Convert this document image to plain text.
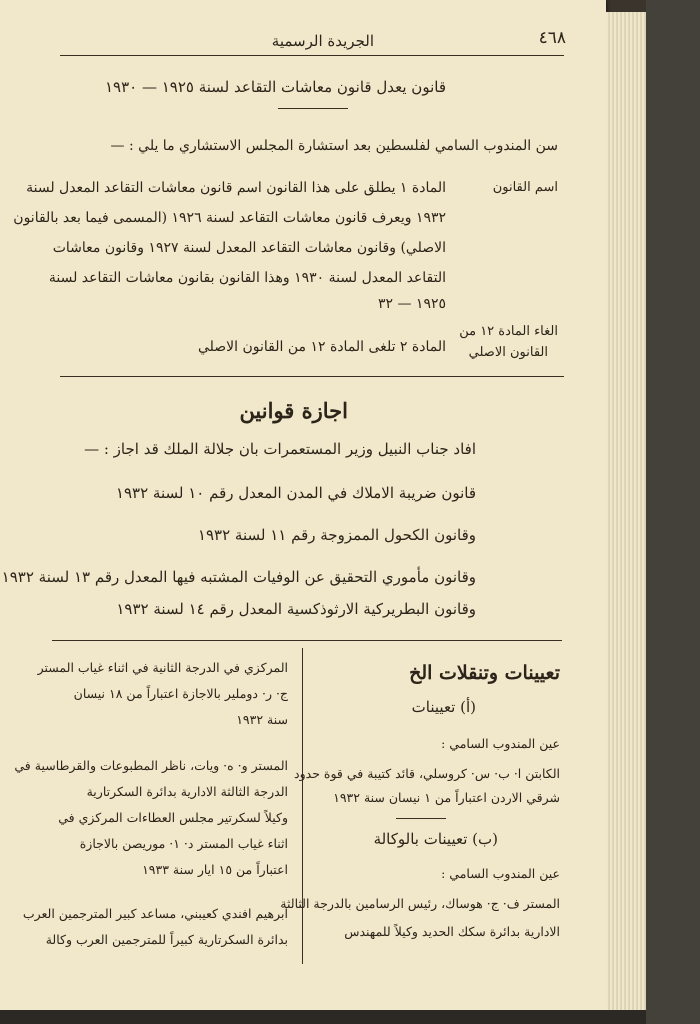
٤٦٨
الجريدة الرسمية
قانون يعدل قانون معاشات التقاعد لسنة ١٩٢٥ — ١٩٣٠
سن المندوب السامي لفلسطين بعد استشارة المجلس الاستشاري ما يلي : —
اسم القانون
المادة ١ يطلق على هذا القانون اسم قانون معاشات التقاعد المعدل لسنة
١٩٣٢ ويعرف قانون معاشات التقاعد لسنة ١٩٢٦ (المسمى فيما بعد بالقانون
الاصلي) وقانون معاشات التقاعد المعدل لسنة ١٩٢٧ وقانون معاشات
التقاعد المعدل لسنة ١٩٣٠ وهذا القانون بقانون معاشات التقاعد لسنة
١٩٢٥ — ٣٢
الغاء المادة ١٢ من
القانون الاصلي
المادة ٢ تلغى المادة ١٢ من القانون الاصلي
اجازة قوانين
افاد جناب النبيل وزير المستعمرات بان جلالة الملك قد اجاز : —
قانون ضريبة الاملاك في المدن المعدل رقم ١٠ لسنة ١٩٣٢
وقانون الكحول الممزوجة رقم ١١ لسنة ١٩٣٢
وقانون مأموري التحقيق عن الوفيات المشتبه فيها المعدل رقم ١٣ لسنة ١٩٣٢
وقانون البطريركية الارثوذكسية المعدل رقم ١٤ لسنة ١٩٣٢
تعيينات وتنقلات الخ
(أ) تعيينات
عين المندوب السامي :
الكابتن ا· ب· س· كروسلي، قائد كتيبة في قوة حدود
شرقي الاردن اعتباراً من ١ نيسان سنة ١٩٣٢
(ب) تعيينات بالوكالة
عين المندوب السامي :
المستر ف· ج· هوساك، رئيس الرسامين بالدرجة الثالثة
الادارية بدائرة سكك الحديد وكيلاً للمهندس
المركزي في الدرجة الثانية في اثناء غياب المستر
ج· ر· دوملير بالاجازة اعتباراً من ١٨ نيسان
سنة ١٩٣٢
المستر و· ه· ويات، ناظر المطبوعات والقرطاسية في
الدرجة الثالثة الادارية بدائرة السكرتارية
وكيلاً لسكرتير مجلس العطاءات المركزي في
اثناء غياب المستر د· ١· موريصن بالاجازة
اعتباراً من ١٥ ايار سنة ١٩٣٣
ابرهيم افندي كعيبني، مساعد كبير المترجمين العرب
بدائرة السكرتارية كبيراً للمترجمين العرب وكالة
